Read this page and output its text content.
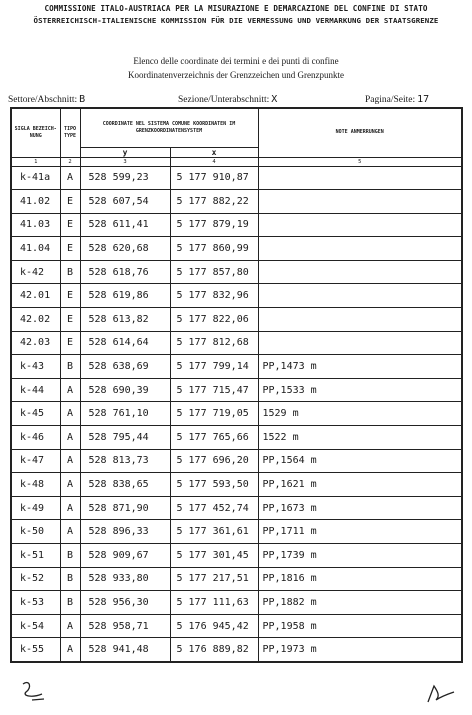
COMMISSIONE ITALO-AUSTRIACA PER LA MISURAZIONE E DEMARCAZIONE DEL CONFINE DI STATO
ÖSTERREICHISCH-ITALIENISCHE KOMMISSION FÜR DIE VERMESSUNG UND VERMARKUNG DER STAATSGRENZE
Elenco delle coordinate dei termini e dei punti di confine
Koordinatenverzeichnis der Grenzzeichen und Grenzpunkte
Settore/Abschnitt: B	Sezione/Unterabschnitt: X	Pagina/Seite: 17
SIGLA BEZEICH- NUNG	TIPO TYPE	COORDINATE NEL SISTEMA COMUNE KOORDINATEN IM GRENZKOORDINATENSYSTEM		NOTE ANMERRUNGEN
		y	x	
1	2	3	4	5
k-41a	A	528 599,23	5 177 910,87	
41.02	E	528 607,54	5 177 882,22	
41.03	E	528 611,41	5 177 879,19	
41.04	E	528 620,68	5 177 860,99	
k-42	B	528 618,76	5 177 857,80	
42.01	E	528 619,86	5 177 832,96	
42.02	E	528 613,82	5 177 822,06	
42.03	E	528 614,64	5 177 812,68	
k-43	B	528 638,69	5 177 799,14	PP,1473 m
k-44	A	528 690,39	5 177 715,47	PP,1533 m
k-45	A	528 761,10	5 177 719,05	1529 m
k-46	A	528 795,44	5 177 765,66	1522 m
k-47	A	528 813,73	5 177 696,20	PP,1564 m
k-48	A	528 838,65	5 177 593,50	PP,1621 m
k-49	A	528 871,90	5 177 452,74	PP,1673 m
k-50	A	528 896,33	5 177 361,61	PP,1711 m
k-51	B	528 909,67	5 177 301,45	PP,1739 m
k-52	B	528 933,80	5 177 217,51	PP,1816 m
k-53	B	528 956,30	5 177 111,63	PP,1882 m
k-54	A	528 958,71	5 176 945,42	PP,1958 m
k-55	A	528 941,48	5 176 889,82	PP,1973 m
